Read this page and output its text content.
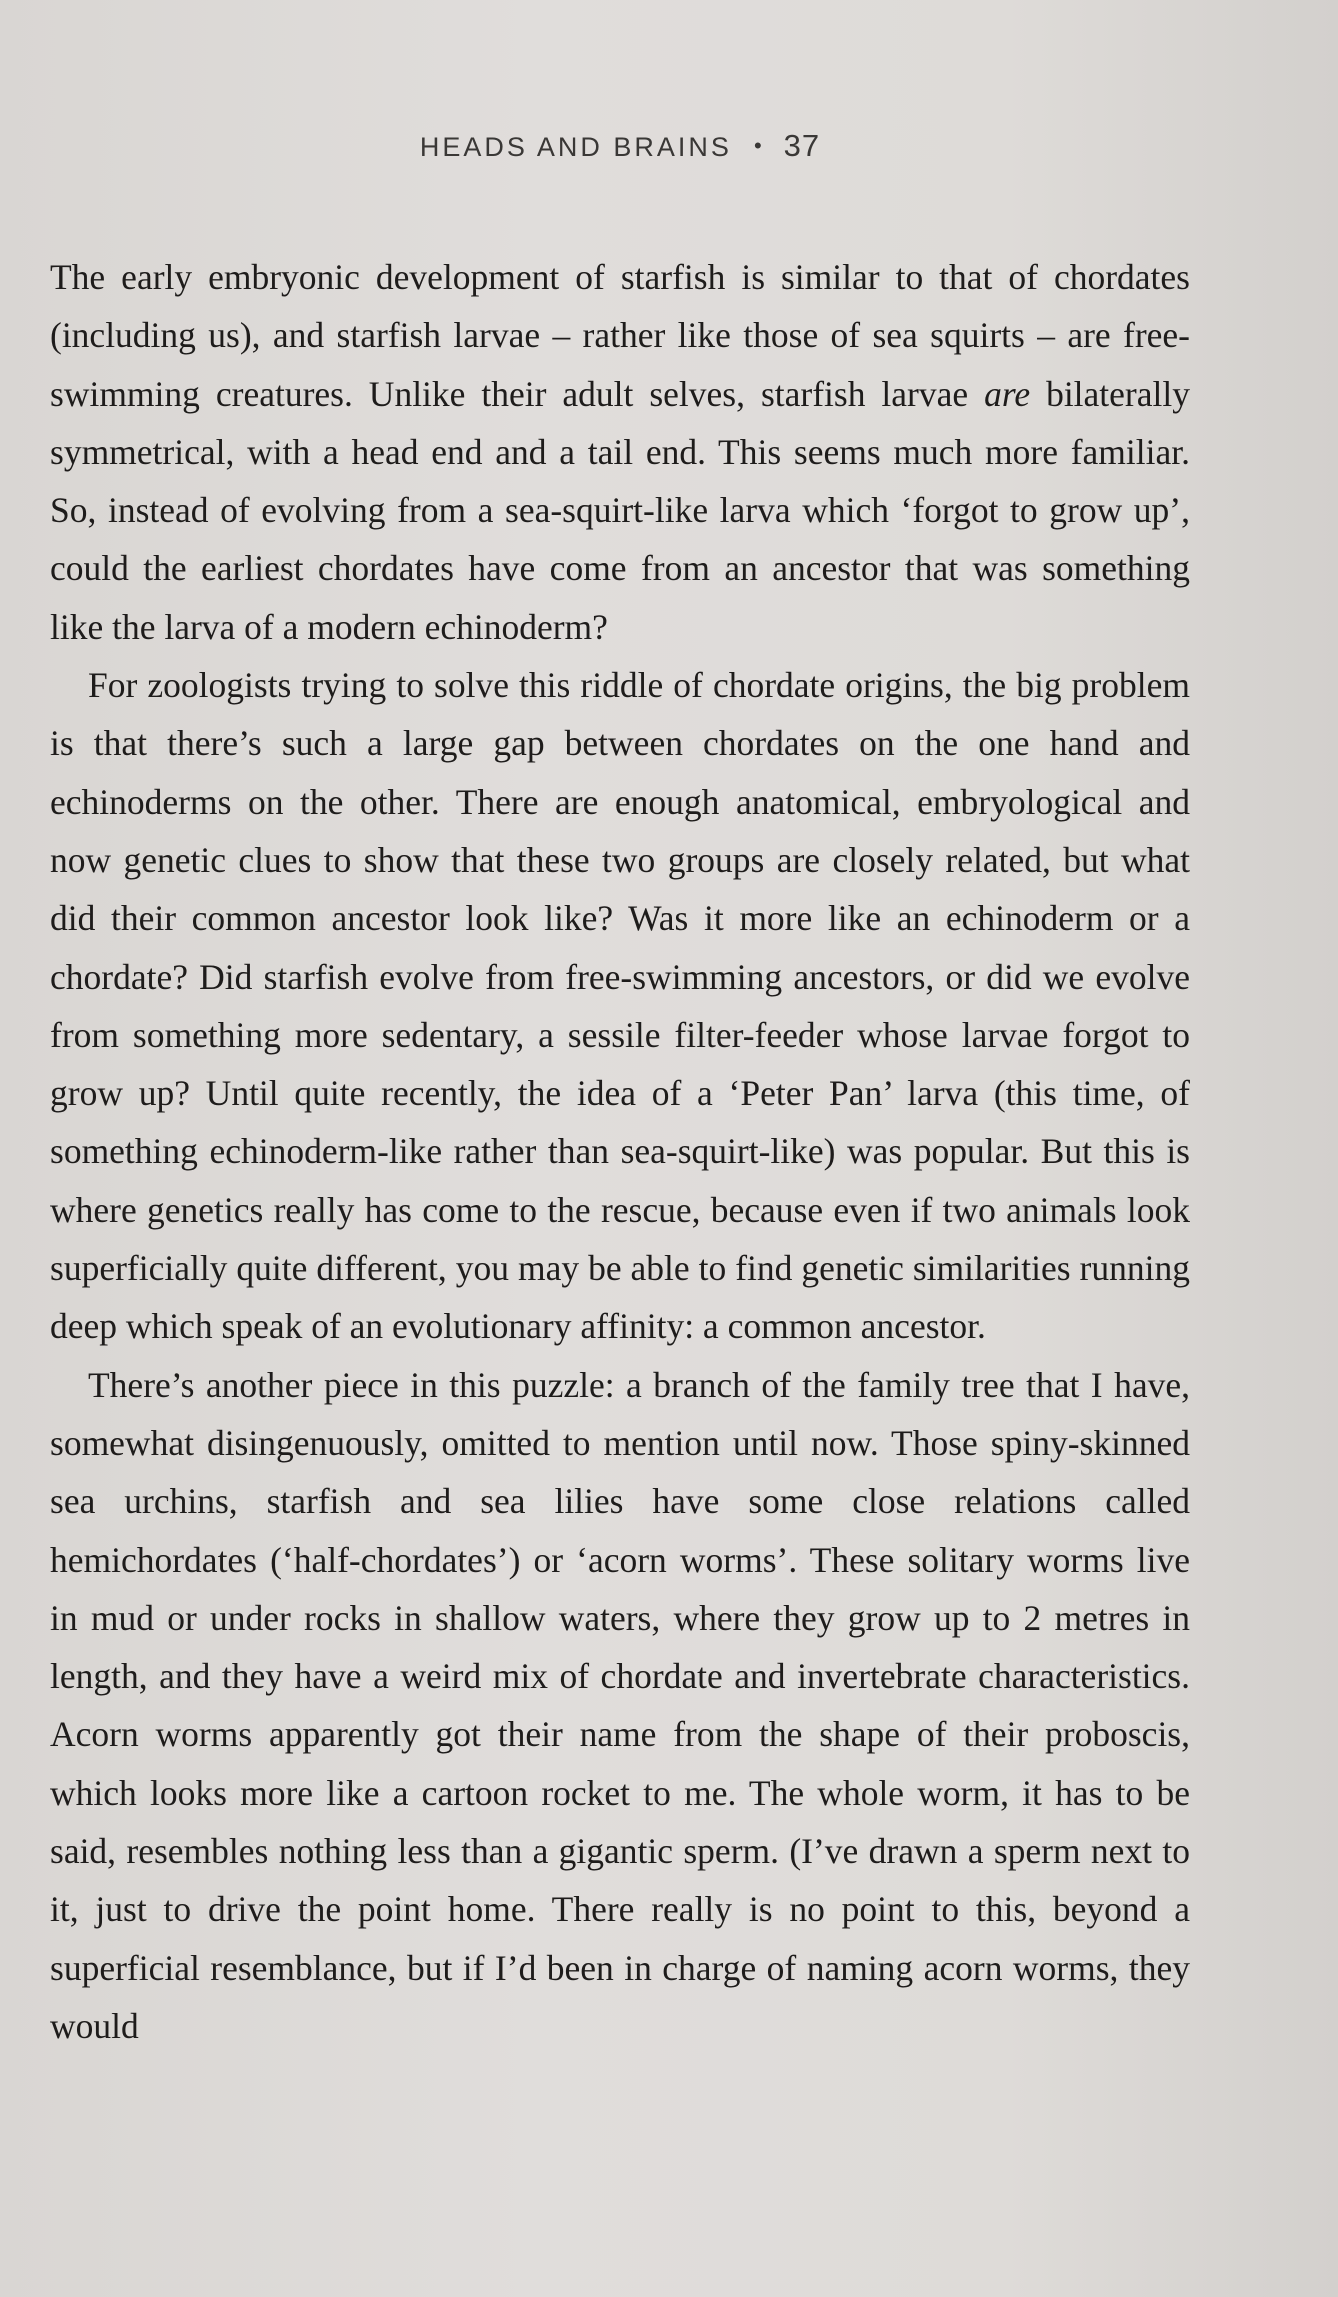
HEADS AND BRAINS • 37

The early embryonic development of starfish is similar to that of chordates (including us), and starfish larvae – rather like those of sea squirts – are free-swimming creatures. Unlike their adult selves, starfish larvae are bilaterally symmetrical, with a head end and a tail end. This seems much more familiar. So, instead of evolving from a sea-squirt-like larva which ‘forgot to grow up’, could the earliest chordates have come from an ancestor that was something like the larva of a modern echinoderm?

For zoologists trying to solve this riddle of chordate origins, the big problem is that there’s such a large gap between chordates on the one hand and echinoderms on the other. There are enough anatomical, embryological and now genetic clues to show that these two groups are closely related, but what did their common ancestor look like? Was it more like an echinoderm or a chordate? Did starfish evolve from free-swimming ancestors, or did we evolve from something more sedentary, a sessile filter-feeder whose larvae forgot to grow up? Until quite recently, the idea of a ‘Peter Pan’ larva (this time, of something echinoderm-like rather than sea-squirt-like) was popular. But this is where genetics really has come to the rescue, because even if two animals look superficially quite different, you may be able to find genetic similarities running deep which speak of an evolutionary affinity: a common ancestor.

There’s another piece in this puzzle: a branch of the family tree that I have, somewhat disingenuously, omitted to mention until now. Those spiny-skinned sea urchins, starfish and sea lilies have some close relations called hemichordates (‘half-chordates’) or ‘acorn worms’. These solitary worms live in mud or under rocks in shallow waters, where they grow up to 2 metres in length, and they have a weird mix of chordate and invertebrate characteristics. Acorn worms apparently got their name from the shape of their proboscis, which looks more like a cartoon rocket to me. The whole worm, it has to be said, resembles nothing less than a gigantic sperm. (I’ve drawn a sperm next to it, just to drive the point home. There really is no point to this, beyond a superficial resemblance, but if I’d been in charge of naming acorn worms, they would
